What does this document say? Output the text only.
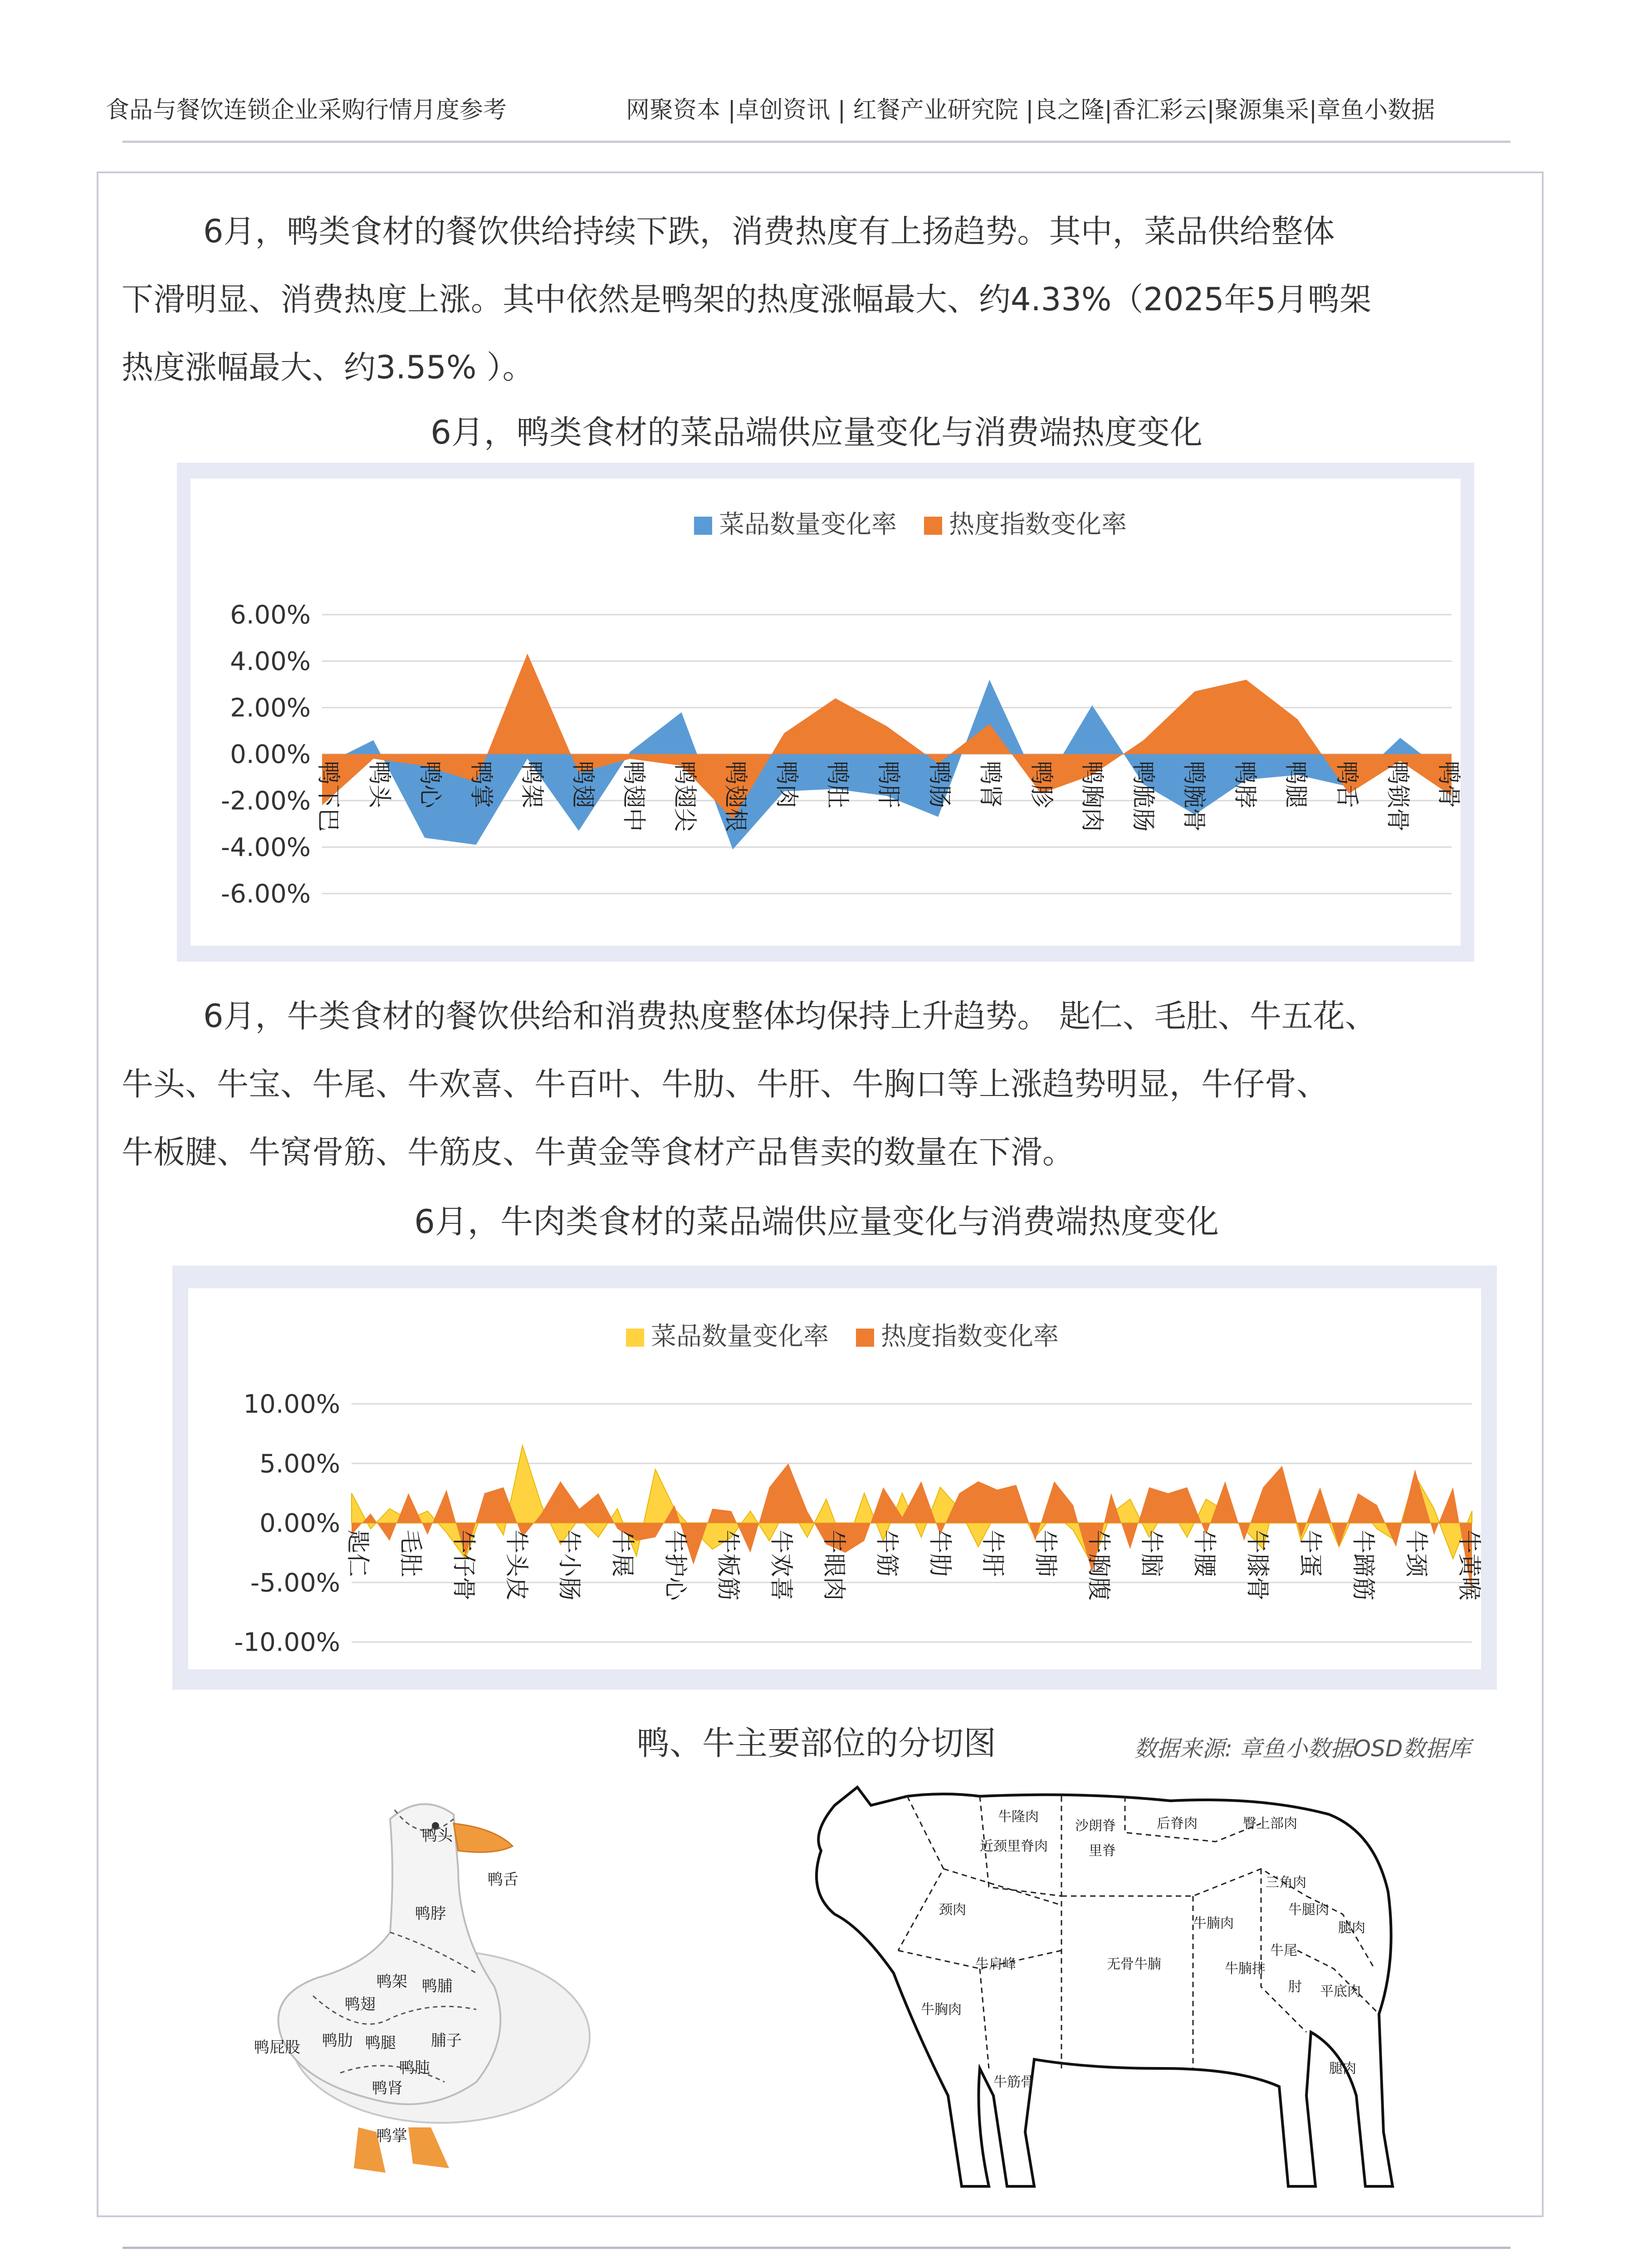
食品与餐饮连锁企业采购行情月度参考	网聚资本 |卓创资讯 | 红餐产业研究院 |良之隆|香汇彩云|聚源集采|章鱼小数据
6月，鸭类食材的餐饮供给持续下跌，消费热度有上扬趋势。其中，菜品供给整体
下滑明显、消费热度上涨。其中依然是鸭架的热度涨幅最大、约4.33%（2025年5月鸭架
热度涨幅最大、约3.55% ）。
6月，鸭类食材的菜品端供应量变化与消费端热度变化
菜品数量变化率 热度指数变化率
6.00%
4.00%
2.00%
0.00%
-2.00%
-4.00%
-6.00%
鸭下巴 鸭头 鸭心 鸭掌 鸭架 鸭翅 鸭翅中 鸭翅尖 鸭翅根 鸭肉 鸭肚 鸭肝 鸭肠 鸭肾 鸭胗 鸭胸肉 鸭脆肠 鸭腕骨 鸭脖 鸭腿 鸭舌 鸭锁骨 鸭骨
6月，牛类食材的餐饮供给和消费热度整体均保持上升趋势。 匙仁、毛肚、牛五花、
牛头、牛宝、牛尾、牛欢喜、牛百叶、牛肋、牛肝、牛胸口等上涨趋势明显，牛仔骨、
牛板腱、牛窝骨筋、牛筋皮、牛黄金等食材产品售卖的数量在下滑。
6月，牛肉类食材的菜品端供应量变化与消费端热度变化
菜品数量变化率 热度指数变化率
10.00%
5.00%
0.00%
-5.00%
-10.00%
匙仁 毛肚 牛仔骨 牛头皮 牛小肠 牛展 牛护心 牛板筋 牛欢喜 牛眼肉 牛筋 牛肋 牛肝 牛肺 牛胸腹 牛脑 牛腰 牛膝骨 牛蛋 牛蹄筋 牛颈 牛黄喉
鸭、牛主要部位的分切图	数据来源: 章鱼小数据OSD数据库
鸭头
鸭舌
鸭脖
鸭架 鸭脯
鸭翅
鸭肋
鸭屁股	鸭腿 脯子
鸭肫
鸭肾
鸭掌
牛隆肉
沙朗脊	后脊肉	臀上部肉
近颈里脊肉	里脊
三角肉
颈肉
牛腩肉
牛腿肉
腿肉
牛肩峰	无骨牛腩	牛腩排
牛尾
肘 平底肉
牛胸肉
牛筋骨
腿肉
